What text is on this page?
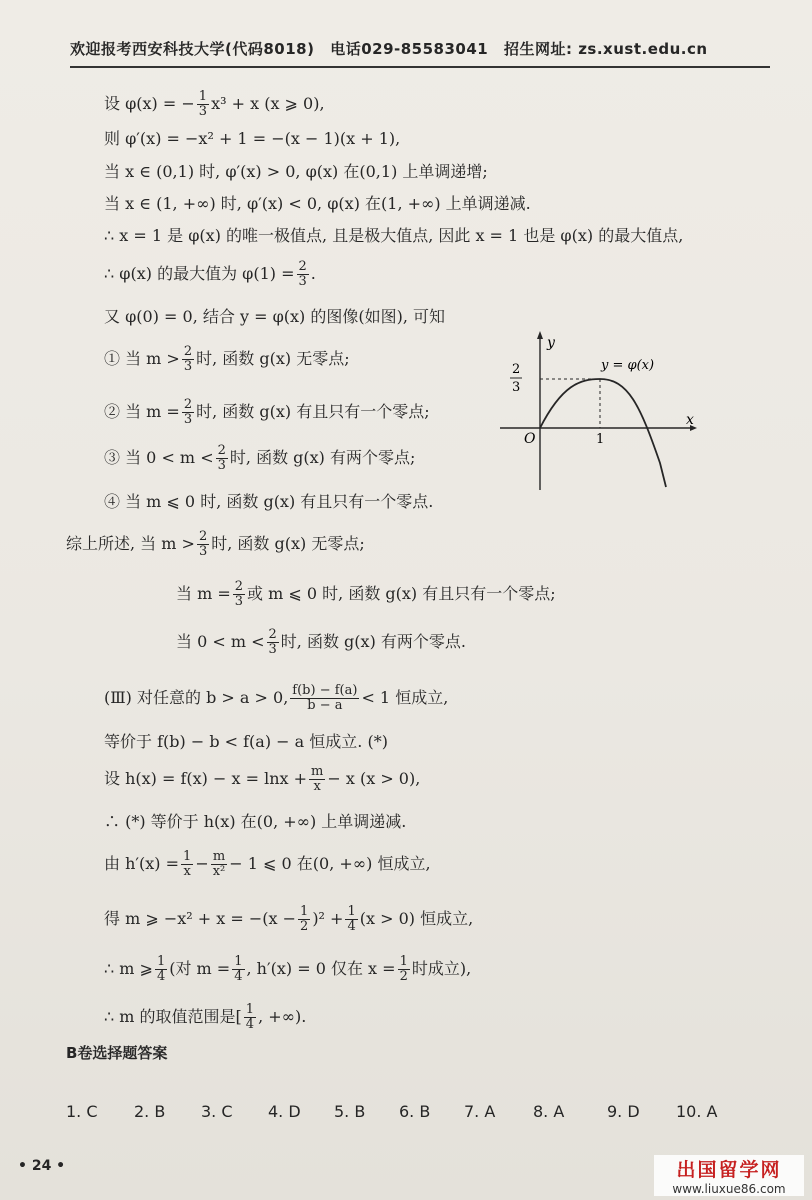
欢迎报考西安科技大学(代码8018) 电话029-85583041 招生网址: zs.xust.edu.cn
设 φ(x) = − $\frac{1}{3} x^3 + x$ (x ⩾ 0),
则 φ′(x) = −x² + 1 = −(x − 1)(x + 1),
当 x ∈ (0,1) 时, φ′(x) > 0, φ(x) 在(0,1) 上单调递增;
当 x ∈ (1, +∞) 时, φ′(x) < 0, φ(x) 在(1, +∞) 上单调递减.
∴ x = 1 是 φ(x) 的唯一极值点, 且是极大值点, 因此 x = 1 也是 φ(x) 的最大值点,
∴ φ(x) 的最大值为 $\varphi(1) = \frac{2}{3}$ .
又 φ(0) = 0, 结合 y = φ(x) 的图像(如图), 可知
① 当 $m > \frac{2}{3}$ 时, 函数 g(x) 无零点;
② 当 $m = \frac{2}{3}$ 时, 函数 g(x) 有且只有一个零点;
③ 当 $0 < m < \frac{2}{3}$ 时, 函数 g(x) 有两个零点;
④ 当 m ⩽ 0 时, 函数 g(x) 有且只有一个零点.
综上所述, 当 $m > \frac{2}{3}$ 时, 函数 g(x) 无零点;
当 $m = \frac{2}{3}$ 或 m ⩽ 0 时, 函数 g(x) 有且只有一个零点;
当 $0 < m < \frac{2}{3}$ 时, 函数 g(x) 有两个零点.
(Ⅲ) 对任意的 b > a > 0, $\frac{f(b) - f(a)}{b - a} < 1$ 恒成立,
等价于 f(b) − b < f(a) − a 恒成立. (*)
设 $h(x) = f(x) - x = \ln x + \frac{m}{x} - x$ (x > 0),
∴ (*) 等价于 h(x) 在(0, +∞) 上单调递减.
由 $h'(x) = \frac{1}{x} - \frac{m}{\text{x²}} - 1$ ⩽ 0 在(0, +∞) 恒成立,
得 m ⩾ $-x^2 + x = -(x - \frac{1}{2} )^2 + \frac{1}{4} (x > 0)$ 恒成立,
∴ m ⩾ $\frac{1}{4}$ (对 $m = \frac{1}{4}$ , h′(x) = 0 仅在 $x = \frac{1}{2}$ 时成立),
∴ m 的取值范围是[ $\frac{1}{4}$ , +∞).
y
x
O	1
2
3
y = φ(x)
B卷选择题答案
1. C 2. B 3. C 4. D 5. B 6. B 7. A 8. A	9. D 10. A
• 24 •	出国留学网
www.liuxue86.com
